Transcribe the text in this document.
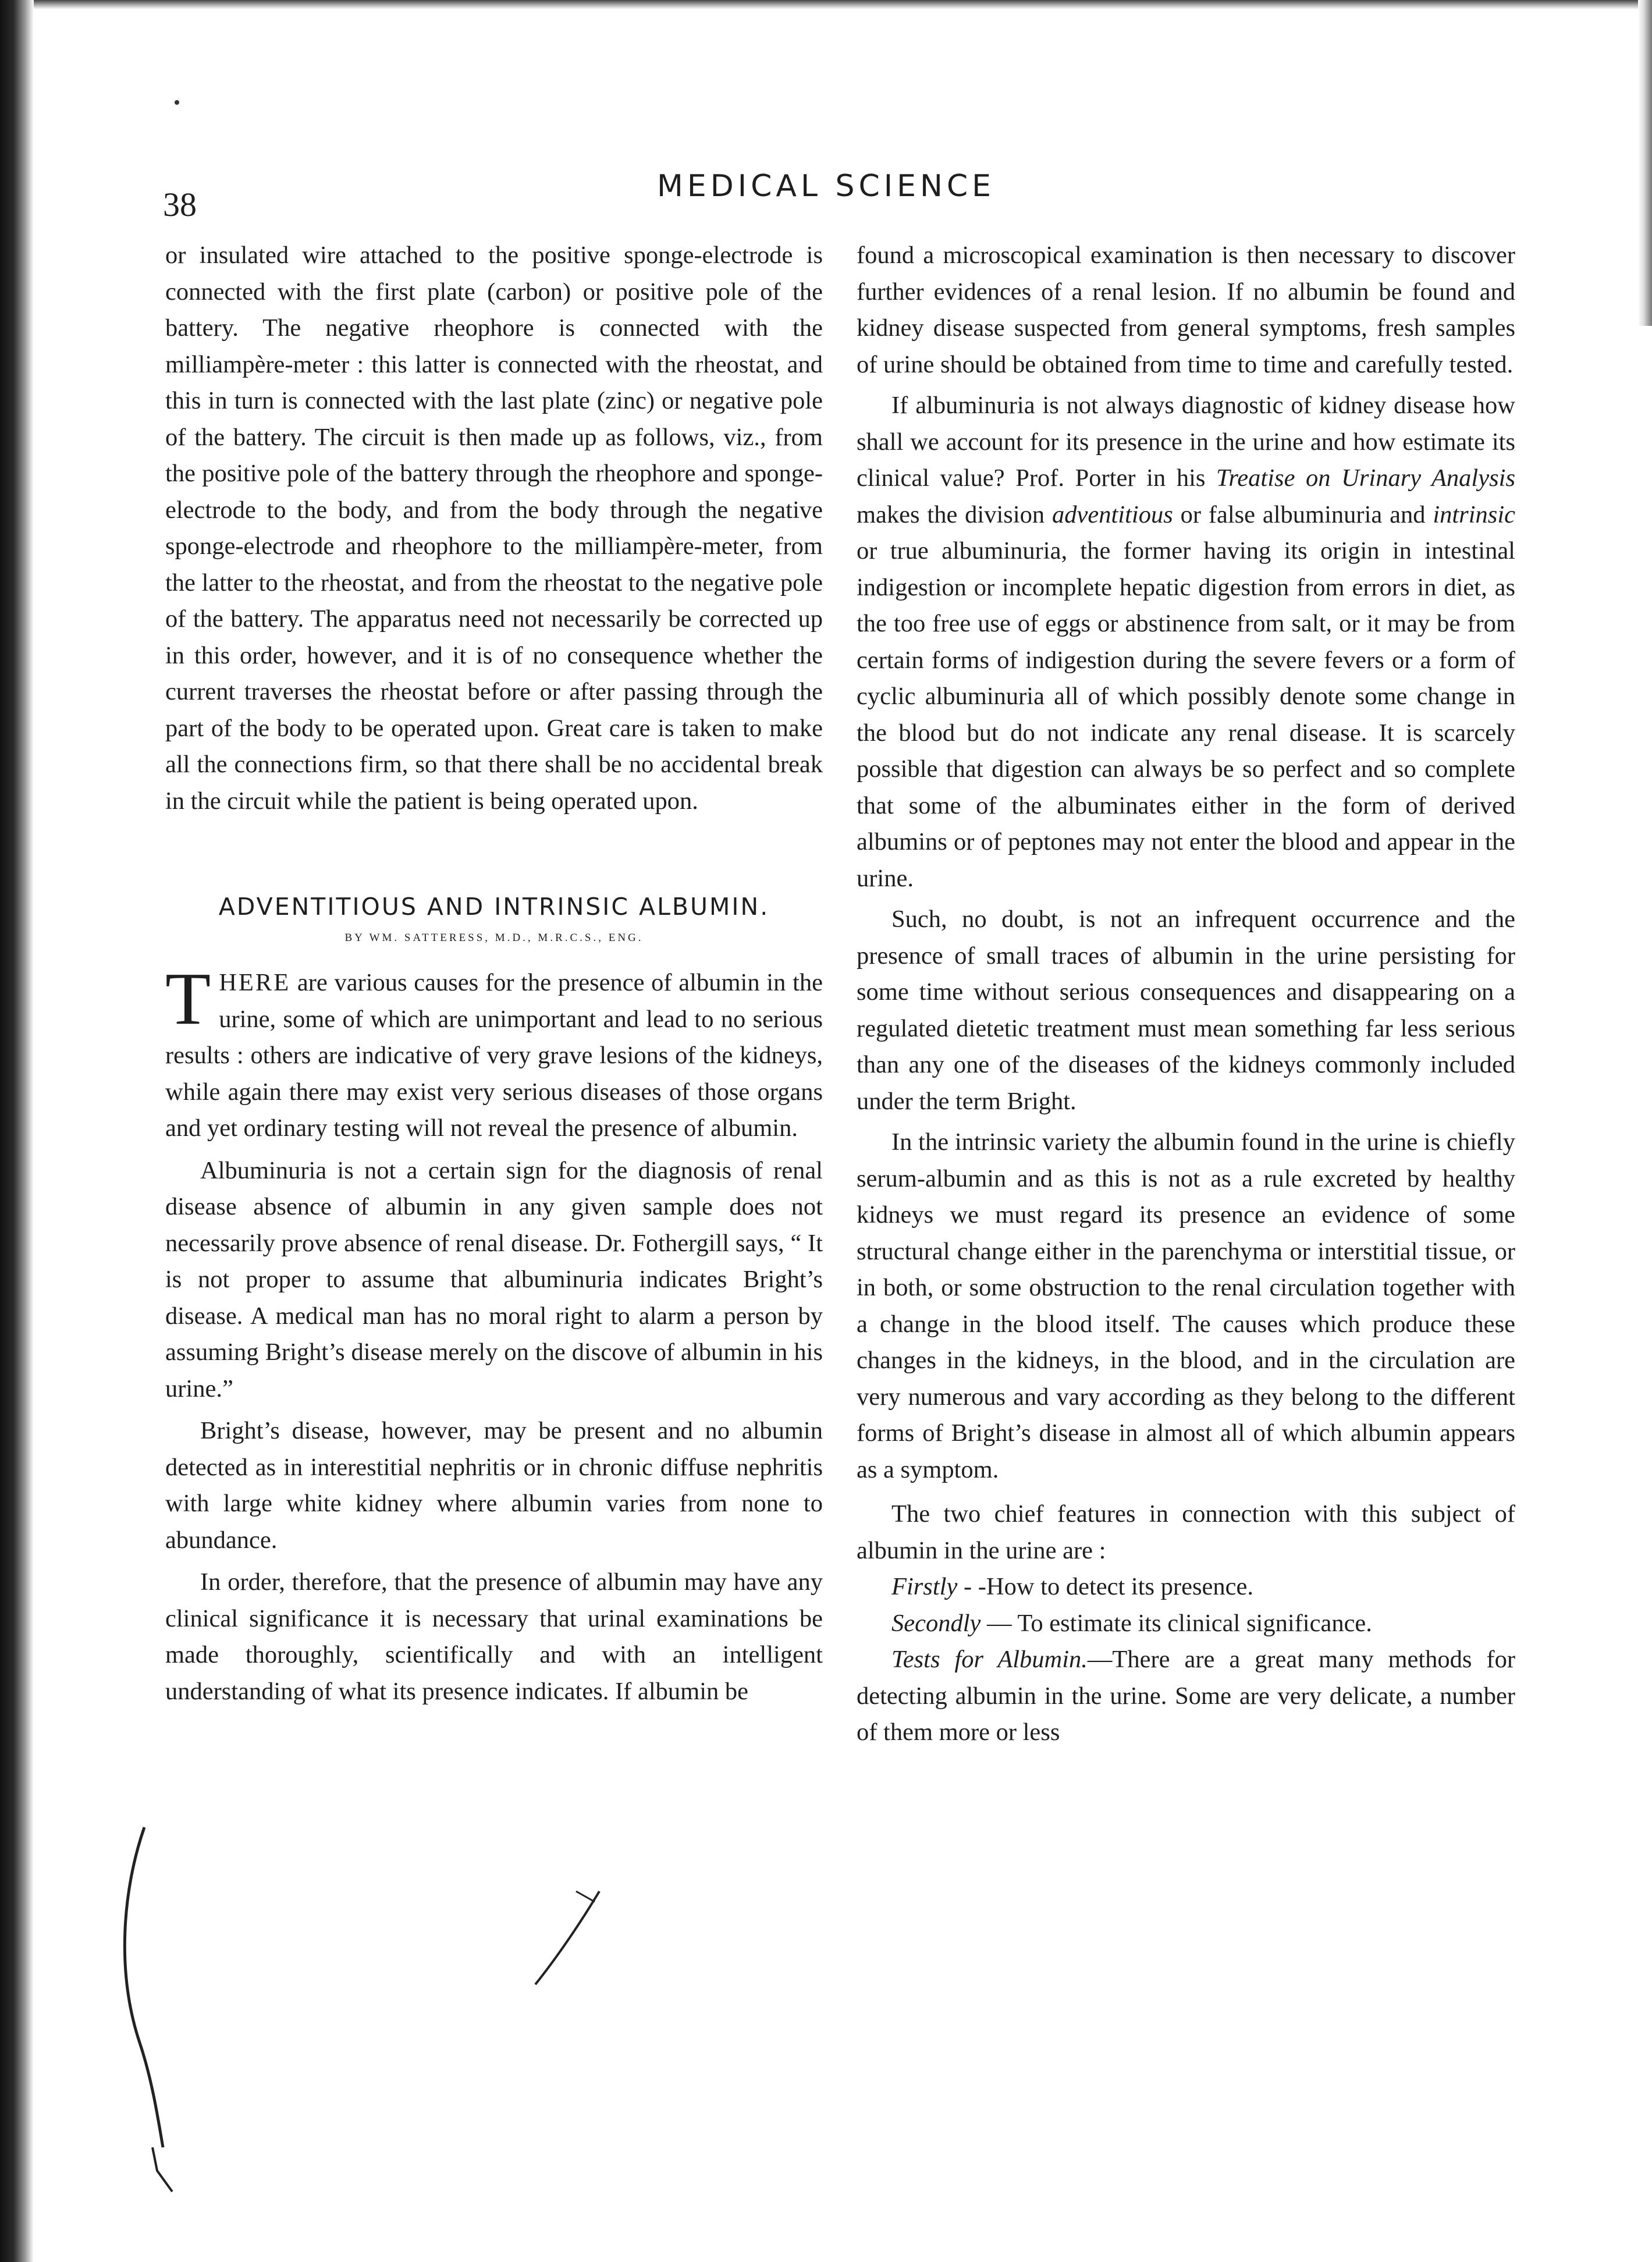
38	MEDICAL SCIENCE

or insulated wire attached to the positive sponge-electrode is connected with the first plate (carbon) or positive pole of the battery. The negative rheophore is connected with the milliampère-meter : this latter is connected with the rheostat, and this in turn is connected with the last plate (zinc) or negative pole of the battery. The circuit is then made up as follows, viz., from the positive pole of the battery through the rheophore and sponge-electrode to the body, and from the body through the negative sponge-electrode and rheophore to the milliampère-meter, from the latter to the rheostat, and from the rheostat to the negative pole of the battery. The apparatus need not necessarily be corrected up in this order, however, and it is of no consequence whether the current traverses the rheostat before or after passing through the part of the body to be operated upon. Great care is taken to make all the connections firm, so that there shall be no accidental break in the circuit while the patient is being operated upon.

ADVENTITIOUS AND INTRINSIC ALBUMIN.

BY WM. SATTERESS, M.D., M.R.C.S., ENG.

THERE are various causes for the presence of albumin in the urine, some of which are unimportant and lead to no serious results : others are indicative of very grave lesions of the kidneys, while again there may exist very serious diseases of those organs and yet ordinary testing will not reveal the presence of albumin.

Albuminuria is not a certain sign for the diagnosis of renal disease absence of albumin in any given sample does not necessarily prove absence of renal disease. Dr. Fothergill says, “ It is not proper to assume that albuminuria indicates Bright’s disease. A medical man has no moral right to alarm a person by assuming Bright’s disease merely on the discove of albumin in his urine.”

Bright’s disease, however, may be present and no albumin detected as in interestitial nephritis or in chronic diffuse nephritis with large white kidney where albumin varies from none to abundance.

In order, therefore, that the presence of albumin may have any clinical significance it is necessary that urinal examinations be made thoroughly, scientifically and with an intelligent understanding of what its presence indicates. If albumin be

found a microscopical examination is then necessary to discover further evidences of a renal lesion. If no albumin be found and kidney disease suspected from general symptoms, fresh samples of urine should be obtained from time to time and carefully tested.

If albuminuria is not always diagnostic of kidney disease how shall we account for its presence in the urine and how estimate its clinical value? Prof. Porter in his Treatise on Urinary Analysis makes the division adventitious or false albuminuria and intrinsic or true albuminuria, the former having its origin in intestinal indigestion or incomplete hepatic digestion from errors in diet, as the too free use of eggs or abstinence from salt, or it may be from certain forms of indigestion during the severe fevers or a form of cyclic albuminuria all of which possibly denote some change in the blood but do not indicate any renal disease. It is scarcely possible that digestion can always be so perfect and so complete that some of the albuminates either in the form of derived albumins or of peptones may not enter the blood and appear in the urine.

Such, no doubt, is not an infrequent occurrence and the presence of small traces of albumin in the urine persisting for some time without serious consequences and disappearing on a regulated dietetic treatment must mean something far less serious than any one of the diseases of the kidneys commonly included under the term Bright.

In the intrinsic variety the albumin found in the urine is chiefly serum-albumin and as this is not as a rule excreted by healthy kidneys we must regard its presence an evidence of some structural change either in the parenchyma or interstitial tissue, or in both, or some obstruction to the renal circulation together with a change in the blood itself. The causes which produce these changes in the kidneys, in the blood, and in the circulation are very numerous and vary according as they belong to the different forms of Bright’s disease in almost all of which albumin appears as a symptom.

The two chief features in connection with this subject of albumin in the urine are :

Firstly - -How to detect its presence.

Secondly — To estimate its clinical significance.

Tests for Albumin.—There are a great many methods for detecting albumin in the urine. Some are very delicate, a number of them more or less
